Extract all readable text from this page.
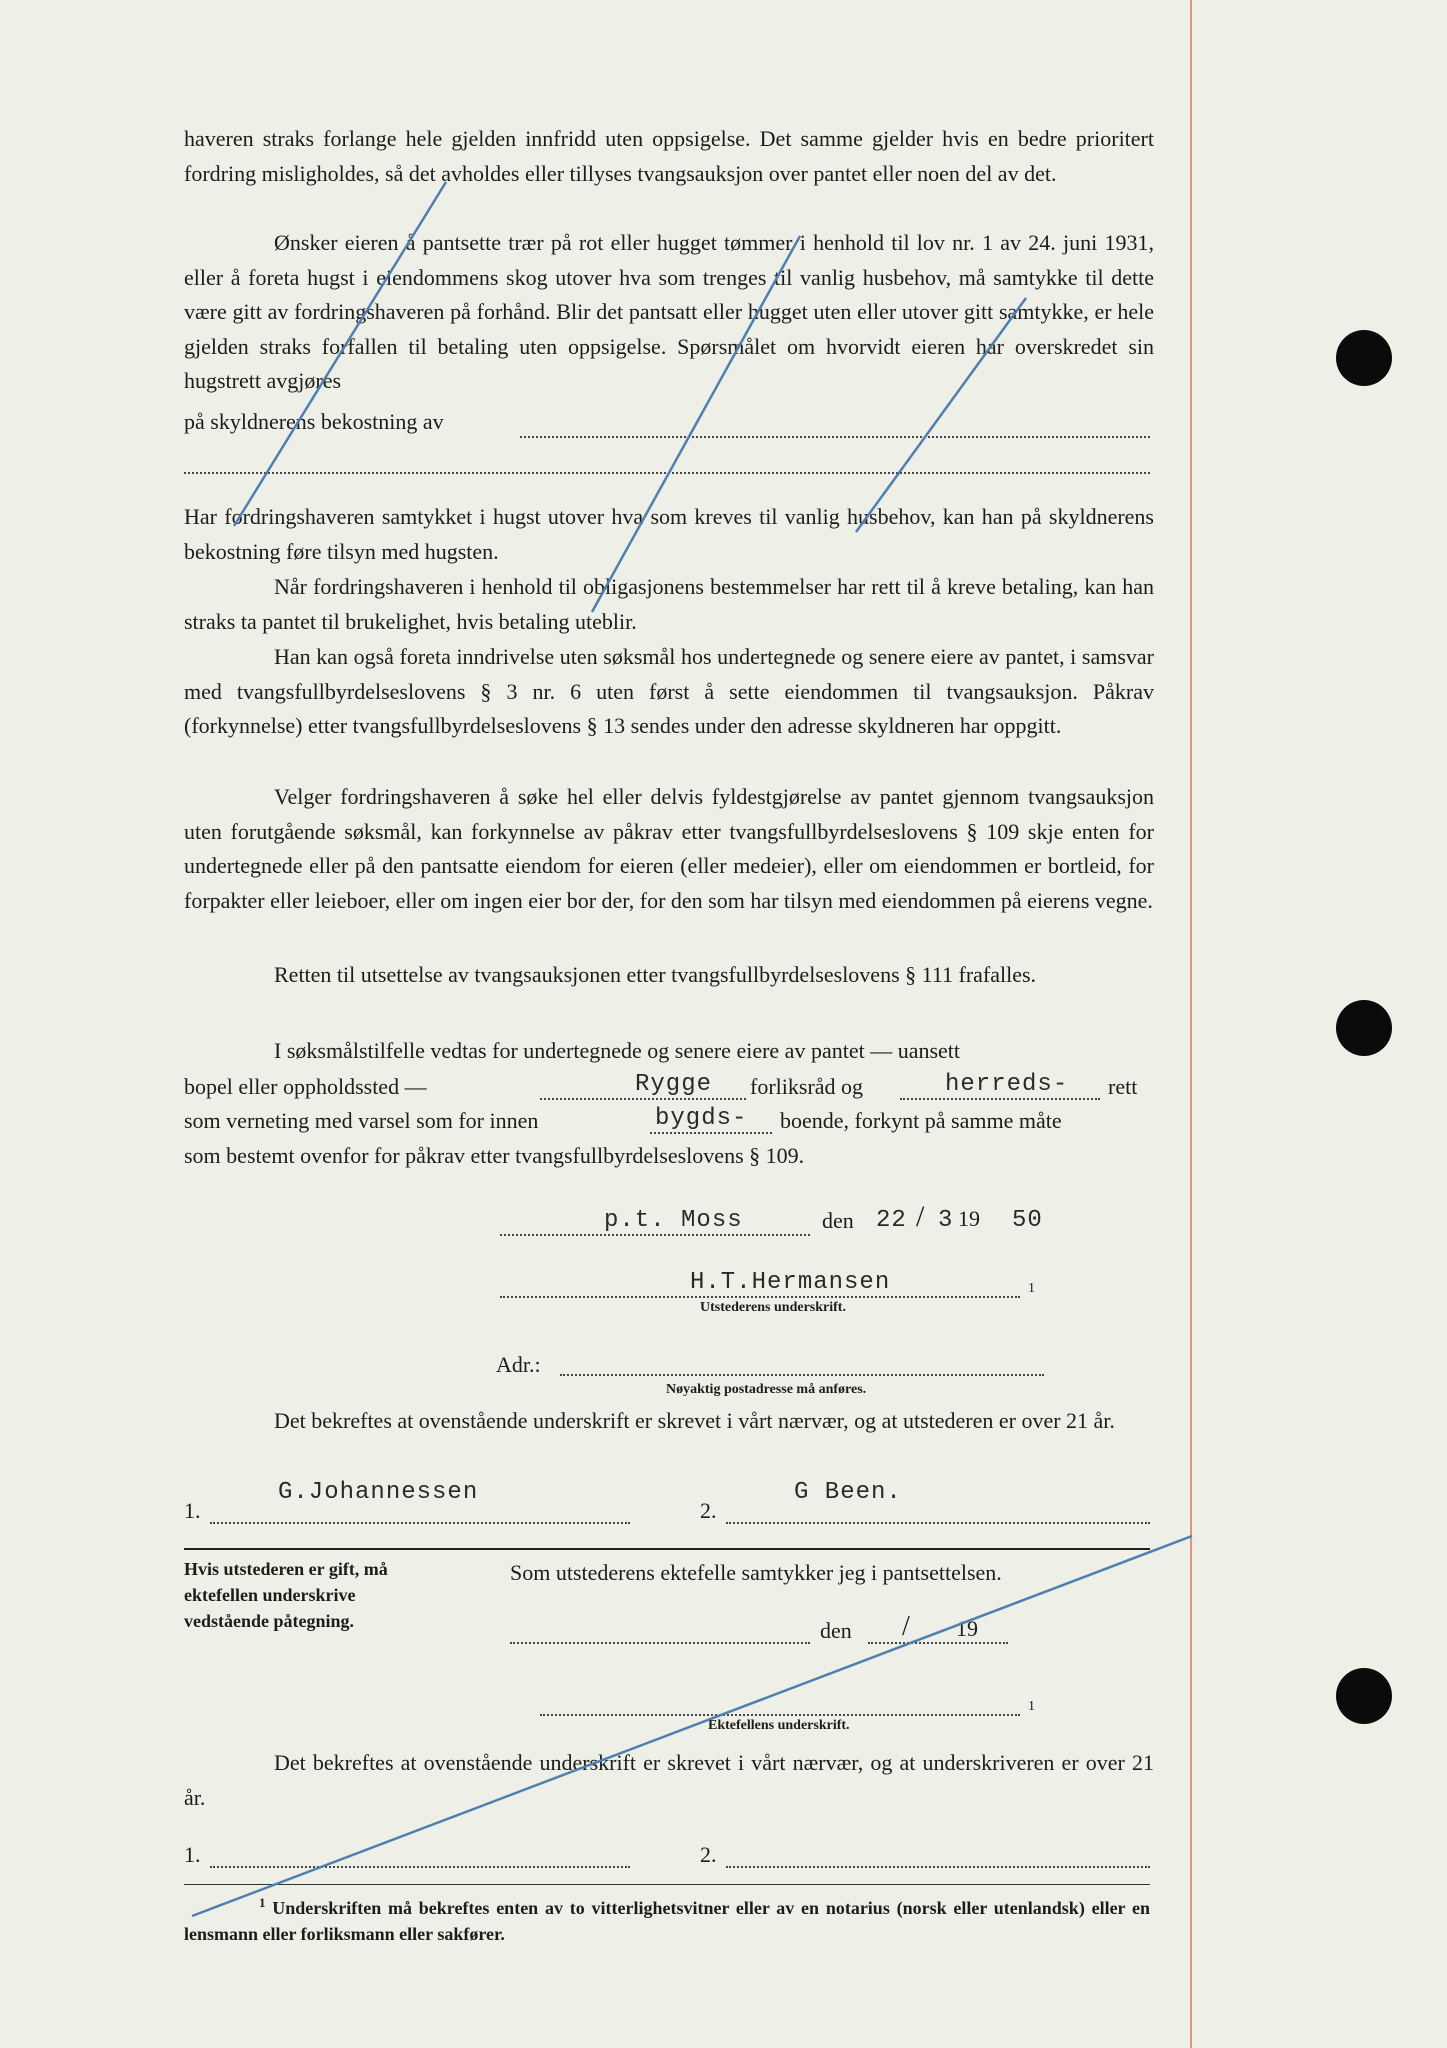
haveren straks forlange hele gjelden innfridd uten oppsigelse. Det samme gjelder hvis en bedre prioritert fordring misligholdes, så det avholdes eller tillyses tvangsauksjon over pantet eller noen del av det.

Ønsker eieren å pantsette trær på rot eller hugget tømmer i henhold til lov nr. 1 av 24. juni 1931, eller å foreta hugst i eiendommens skog utover hva som trenges til vanlig husbehov, må samtykke til dette være gitt av fordringshaveren på forhånd. Blir det pantsatt eller hugget uten eller utover gitt samtykke, er hele gjelden straks forfallen til betaling uten oppsigelse. Spørsmålet om hvorvidt eieren har overskredet sin hugstrett avgjøres

på skyldnerens bekostning av

Har fordringshaveren samtykket i hugst utover hva som kreves til vanlig husbehov, kan han på skyldnerens bekostning føre tilsyn med hugsten.

Når fordringshaveren i henhold til obligasjonens bestemmelser har rett til å kreve betaling, kan han straks ta pantet til brukelighet, hvis betaling uteblir.

Han kan også foreta inndrivelse uten søksmål hos undertegnede og senere eiere av pantet, i samsvar med tvangsfullbyrdelseslovens § 3 nr. 6 uten først å sette eiendommen til tvangsauksjon. Påkrav (forkynnelse) etter tvangsfullbyrdelseslovens § 13 sendes under den adresse skyldneren har oppgitt.

Velger fordringshaveren å søke hel eller delvis fyldestgjørelse av pantet gjennom tvangsauksjon uten forutgående søksmål, kan forkynnelse av påkrav etter tvangsfullbyrdelseslovens § 109 skje enten for undertegnede eller på den pantsatte eiendom for eieren (eller medeier), eller om eiendommen er bortleid, for forpakter eller leieboer, eller om ingen eier bor der, for den som har tilsyn med eiendommen på eierens vegne.

Retten til utsettelse av tvangsauksjonen etter tvangsfullbyrdelseslovens § 111 frafalles.

I søksmålstilfelle vedtas for undertegnede og senere eiere av pantet — uansett

bopel eller oppholdssted —	Rygge forliksråd og	herreds- rett
som verneting med varsel som for innen	bygds- boende, forkynt på samme måte
som bestemt ovenfor for påkrav etter tvangsfullbyrdelseslovens § 109.
p.t. Moss	den 22 / 3 19 50
H.T.Hermansen	1
Utstederens underskrift.
Adr.:
Nøyaktig postadresse må anføres.

Det bekreftes at ovenstående underskrift er skrevet i vårt nærvær, og at utstederen er over 21 år.

1.
G.Johannessen
2.
G Been.
Hvis utstederen er gift, må ektefellen underskrive vedstående påtegning.
Som utstederens ektefelle samtykker jeg i pantsettelsen.
den / 19
1
Ektefellens underskrift.

Det bekreftes at ovenstående underskrift er skrevet i vårt nærvær, og at underskriveren er over 21 år.

1.	2.
$^1$ Underskriften må bekreftes enten av to vitterlighetsvitner eller av en notarius (norsk eller utenlandsk) eller en lensmann eller forliksmann eller sakfører.
